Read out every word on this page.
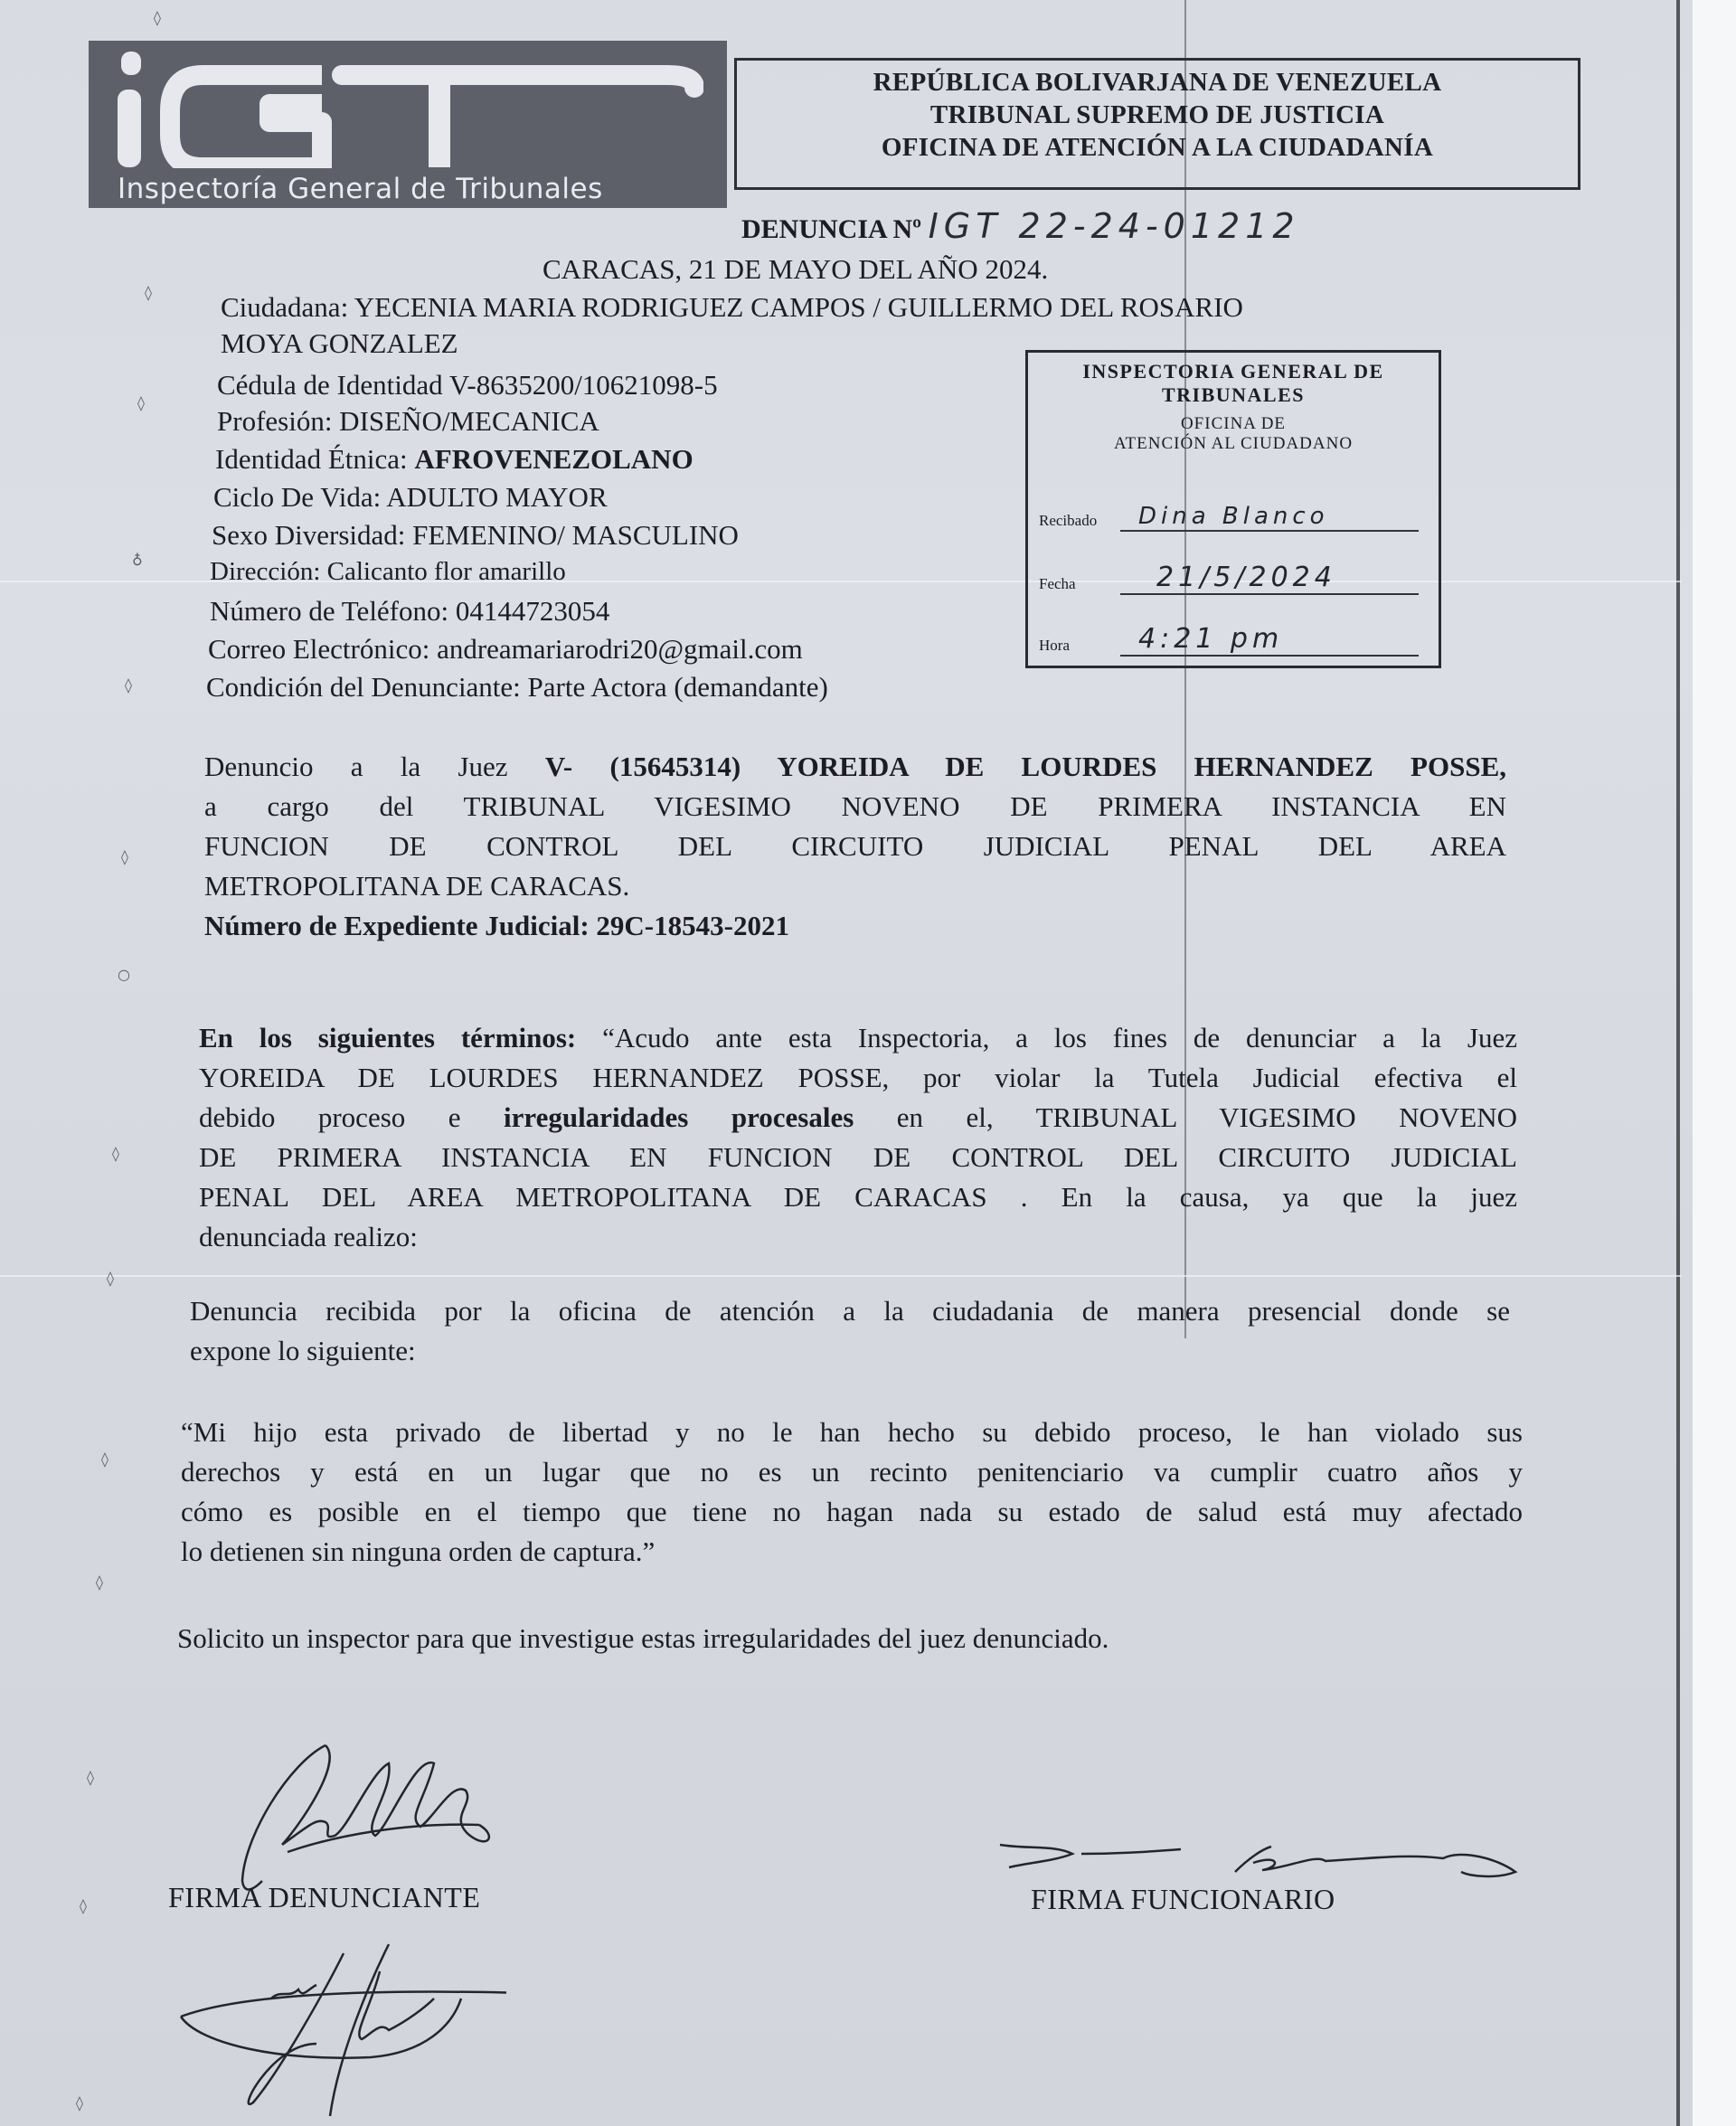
Inspectoría General de Tribunales
REPÚBLICA BOLIVARJANA DE VENEZUELA
TRIBUNAL SUPREMO DE JUSTICIA
OFICINA DE ATENCIÓN A LA CIUDADANÍA
DENUNCIA Nº IGT 22-24-01212
CARACAS, 21 DE MAYO DEL AÑO 2024.
Ciudadana: YECENIA MARIA RODRIGUEZ CAMPOS / GUILLERMO DEL ROSARIO
MOYA GONZALEZ
Cédula de Identidad V-8635200/10621098-5
Profesión: DISEÑO/MECANICA
Identidad Étnica: AFROVENEZOLANO
Ciclo De Vida: ADULTO MAYOR
Sexo Diversidad: FEMENINO/ MASCULINO
Dirección: Calicanto flor amarillo
Número de Teléfono: 04144723054
Correo Electrónico: andreamariarodri20@gmail.com
Condición del Denunciante: Parte Actora (demandante)
INSPECTORIA GENERAL DE
TRIBUNALES
OFICINA DE
ATENCIÓN AL CIUDADANO
Recibado Dina Blanco
Fecha	21/5/2024
Hora	4:21 pm
Denuncio a la Juez V- (15645314) YOREIDA DE LOURDES HERNANDEZ POSSE,
a cargo del TRIBUNAL VIGESIMO NOVENO DE PRIMERA INSTANCIA EN
FUNCION DE CONTROL DEL CIRCUITO JUDICIAL PENAL DEL AREA
METROPOLITANA DE CARACAS.
Número de Expediente Judicial: 29C-18543-2021
En los siguientes términos: “Acudo ante esta Inspectoria, a los fines de denunciar a la Juez
YOREIDA DE LOURDES HERNANDEZ POSSE, por violar la Tutela Judicial efectiva el
debido proceso e irregularidades procesales en el, TRIBUNAL VIGESIMO NOVENO
DE PRIMERA INSTANCIA EN FUNCION DE CONTROL DEL CIRCUITO JUDICIAL
PENAL DEL AREA METROPOLITANA DE CARACAS . En la causa, ya que la juez
denunciada realizo:
Denuncia recibida por la oficina de atención a la ciudadania de manera presencial donde se
expone lo siguiente:
“Mi hijo esta privado de libertad y no le han hecho su debido proceso, le han violado sus
derechos y está en un lugar que no es un recinto penitenciario va cumplir cuatro años y
cómo es posible en el tiempo que tiene no hagan nada su estado de salud está muy afectado
lo detienen sin ninguna orden de captura.”
Solicito un inspector para que investigue estas irregularidades del juez denunciado.
FIRMA DENUNCIANTE	FIRMA FUNCIONARIO
◊
◊
◊
♁
◊
◊
○
◊
◊
◊
◊
◊
◊
◊
